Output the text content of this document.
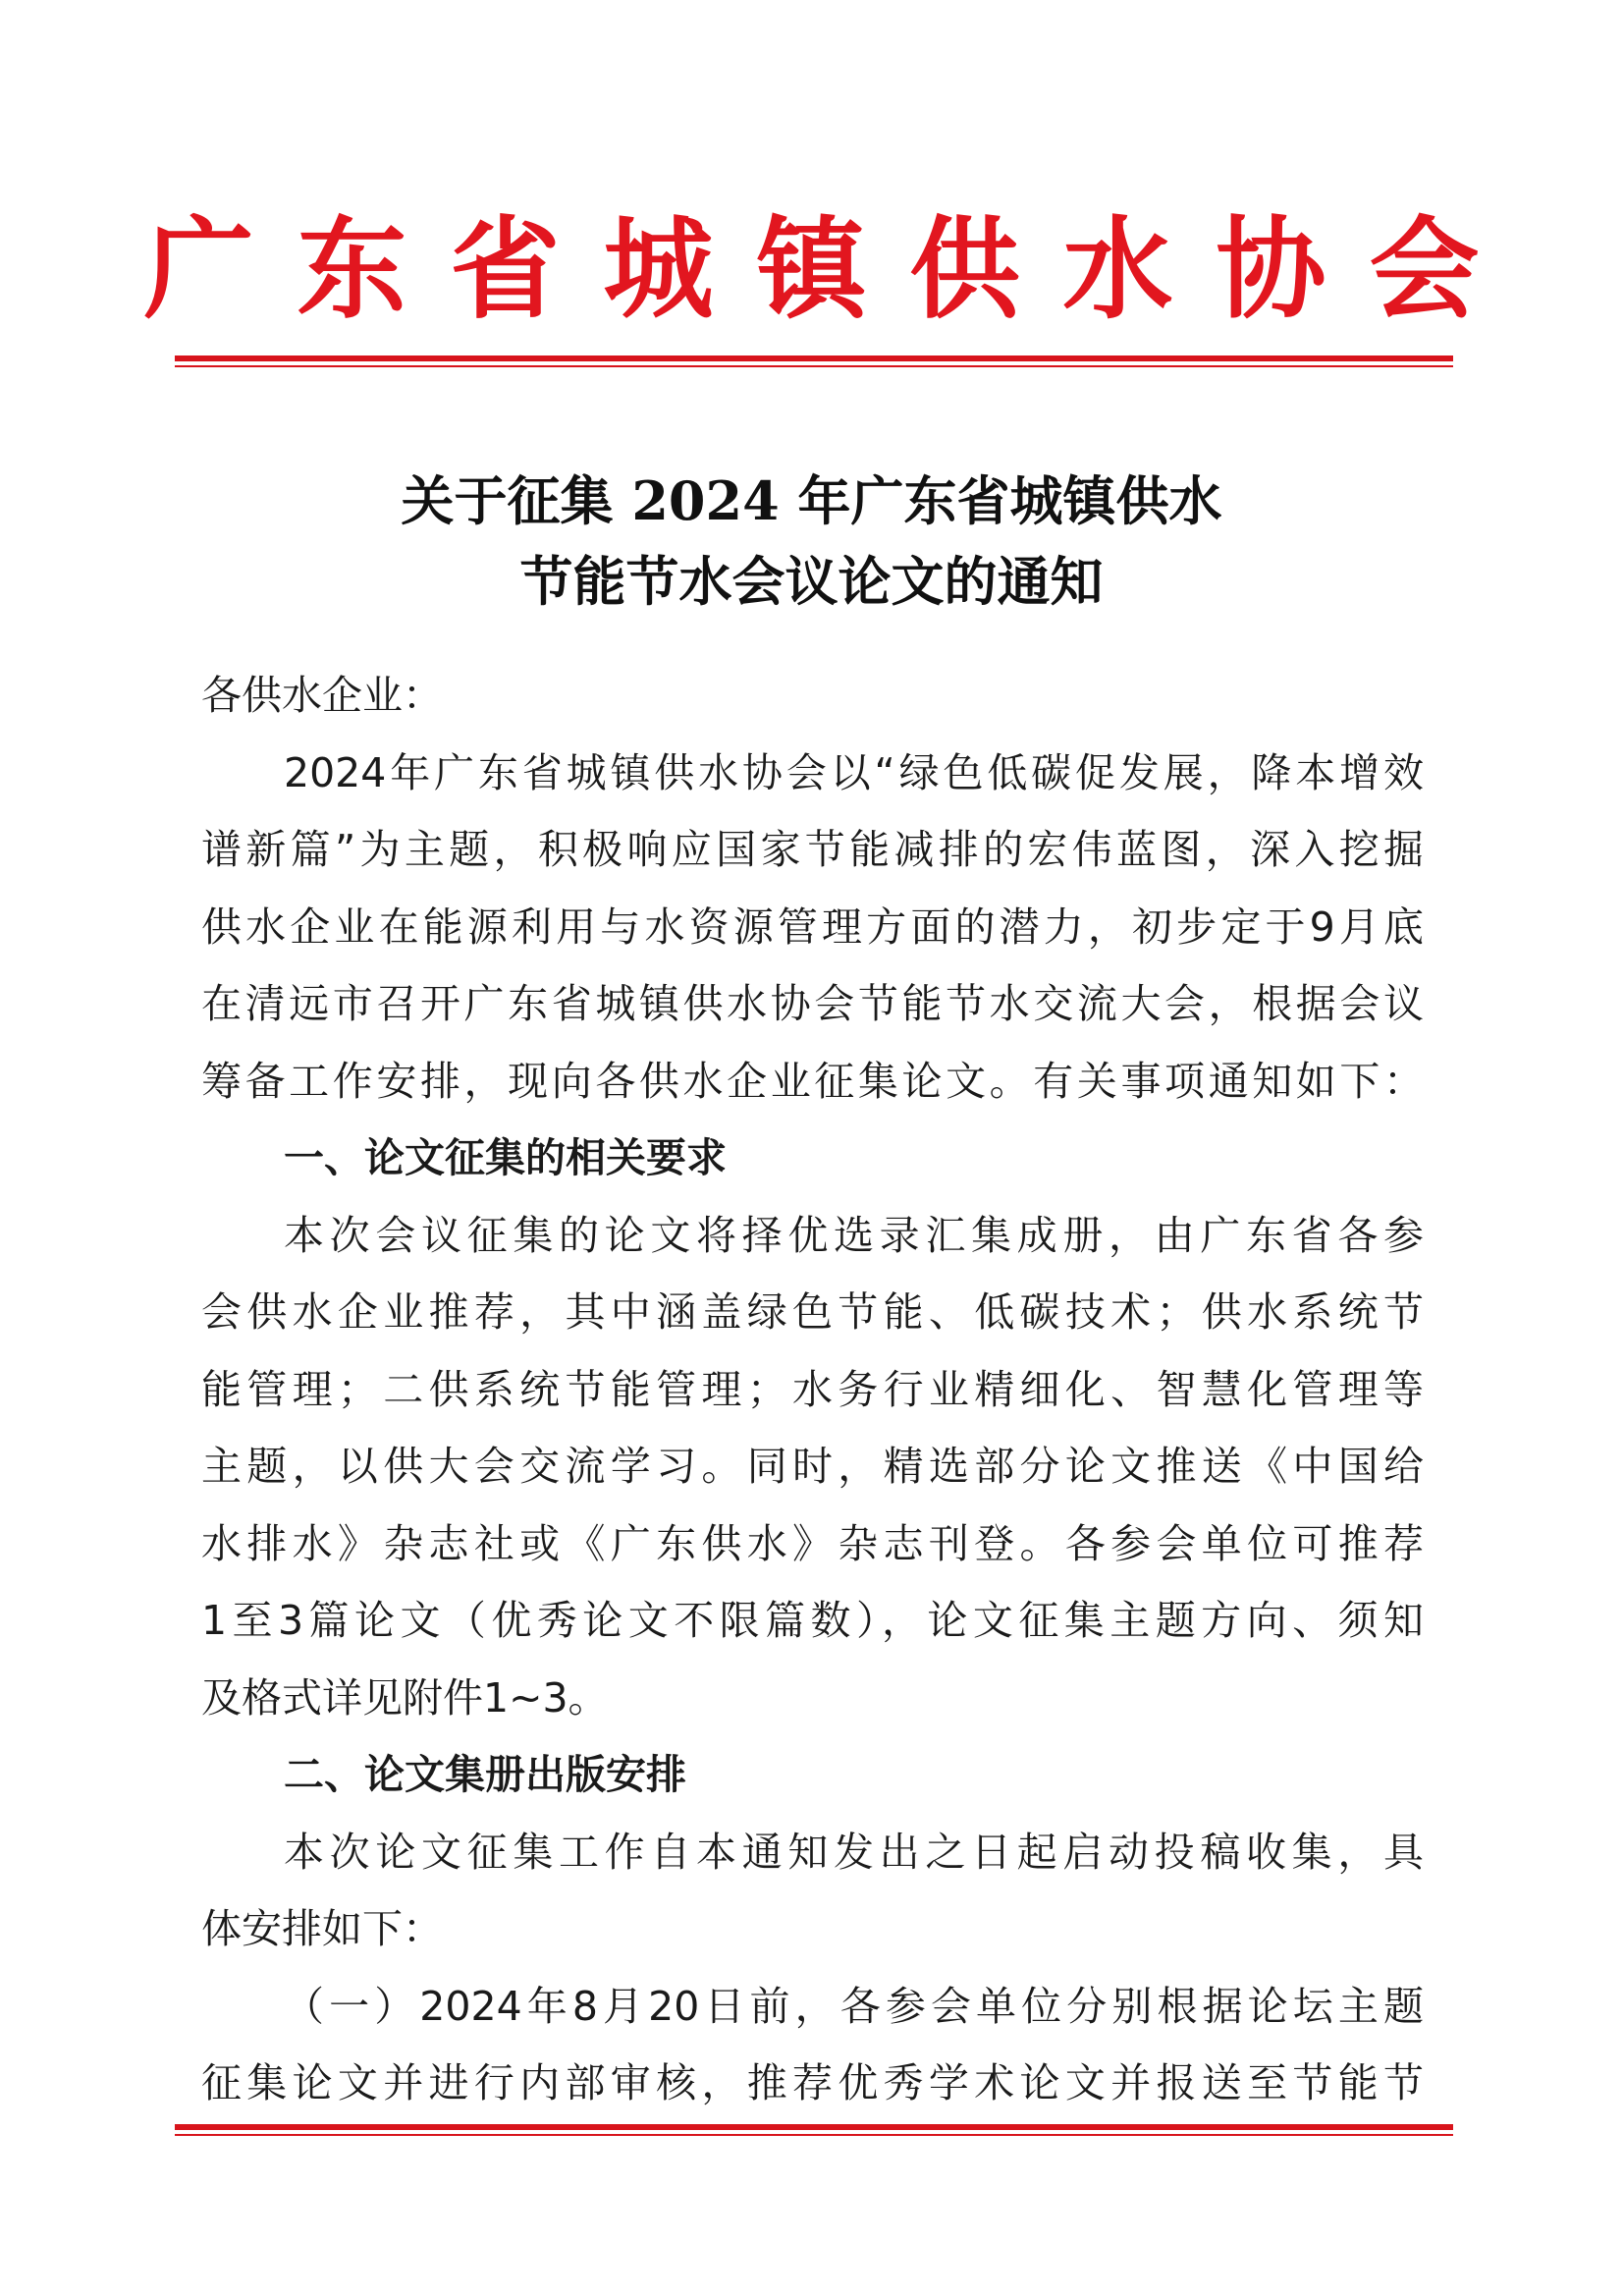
广东省城镇供水协会
关于征集 2024 年广东省城镇供水
节能节水会议论文的通知
各供水企业：
2024年广东省城镇供水协会以“绿色低碳促发展，降本增效
谱新篇”为主题，积极响应国家节能减排的宏伟蓝图，深入挖掘
供水企业在能源利用与水资源管理方面的潜力，初步定于9月底
在清远市召开广东省城镇供水协会节能节水交流大会，根据会议
筹备工作安排，现向各供水企业征集论文。有关事项通知如下：
一、论文征集的相关要求
本次会议征集的论文将择优选录汇集成册，由广东省各参
会供水企业推荐，其中涵盖绿色节能、低碳技术；供水系统节
能管理；二供系统节能管理；水务行业精细化、智慧化管理等
主题，以供大会交流学习。同时，精选部分论文推送《中国给
水排水》杂志社或《广东供水》杂志刊登。各参会单位可推荐
1至3篇论文（优秀论文不限篇数），论文征集主题方向、须知
及格式详见附件1~3。
二、论文集册出版安排
本次论文征集工作自本通知发出之日起启动投稿收集，具
体安排如下：
（一）2024年8月20日前，各参会单位分别根据论坛主题
征集论文并进行内部审核，推荐优秀学术论文并报送至节能节
